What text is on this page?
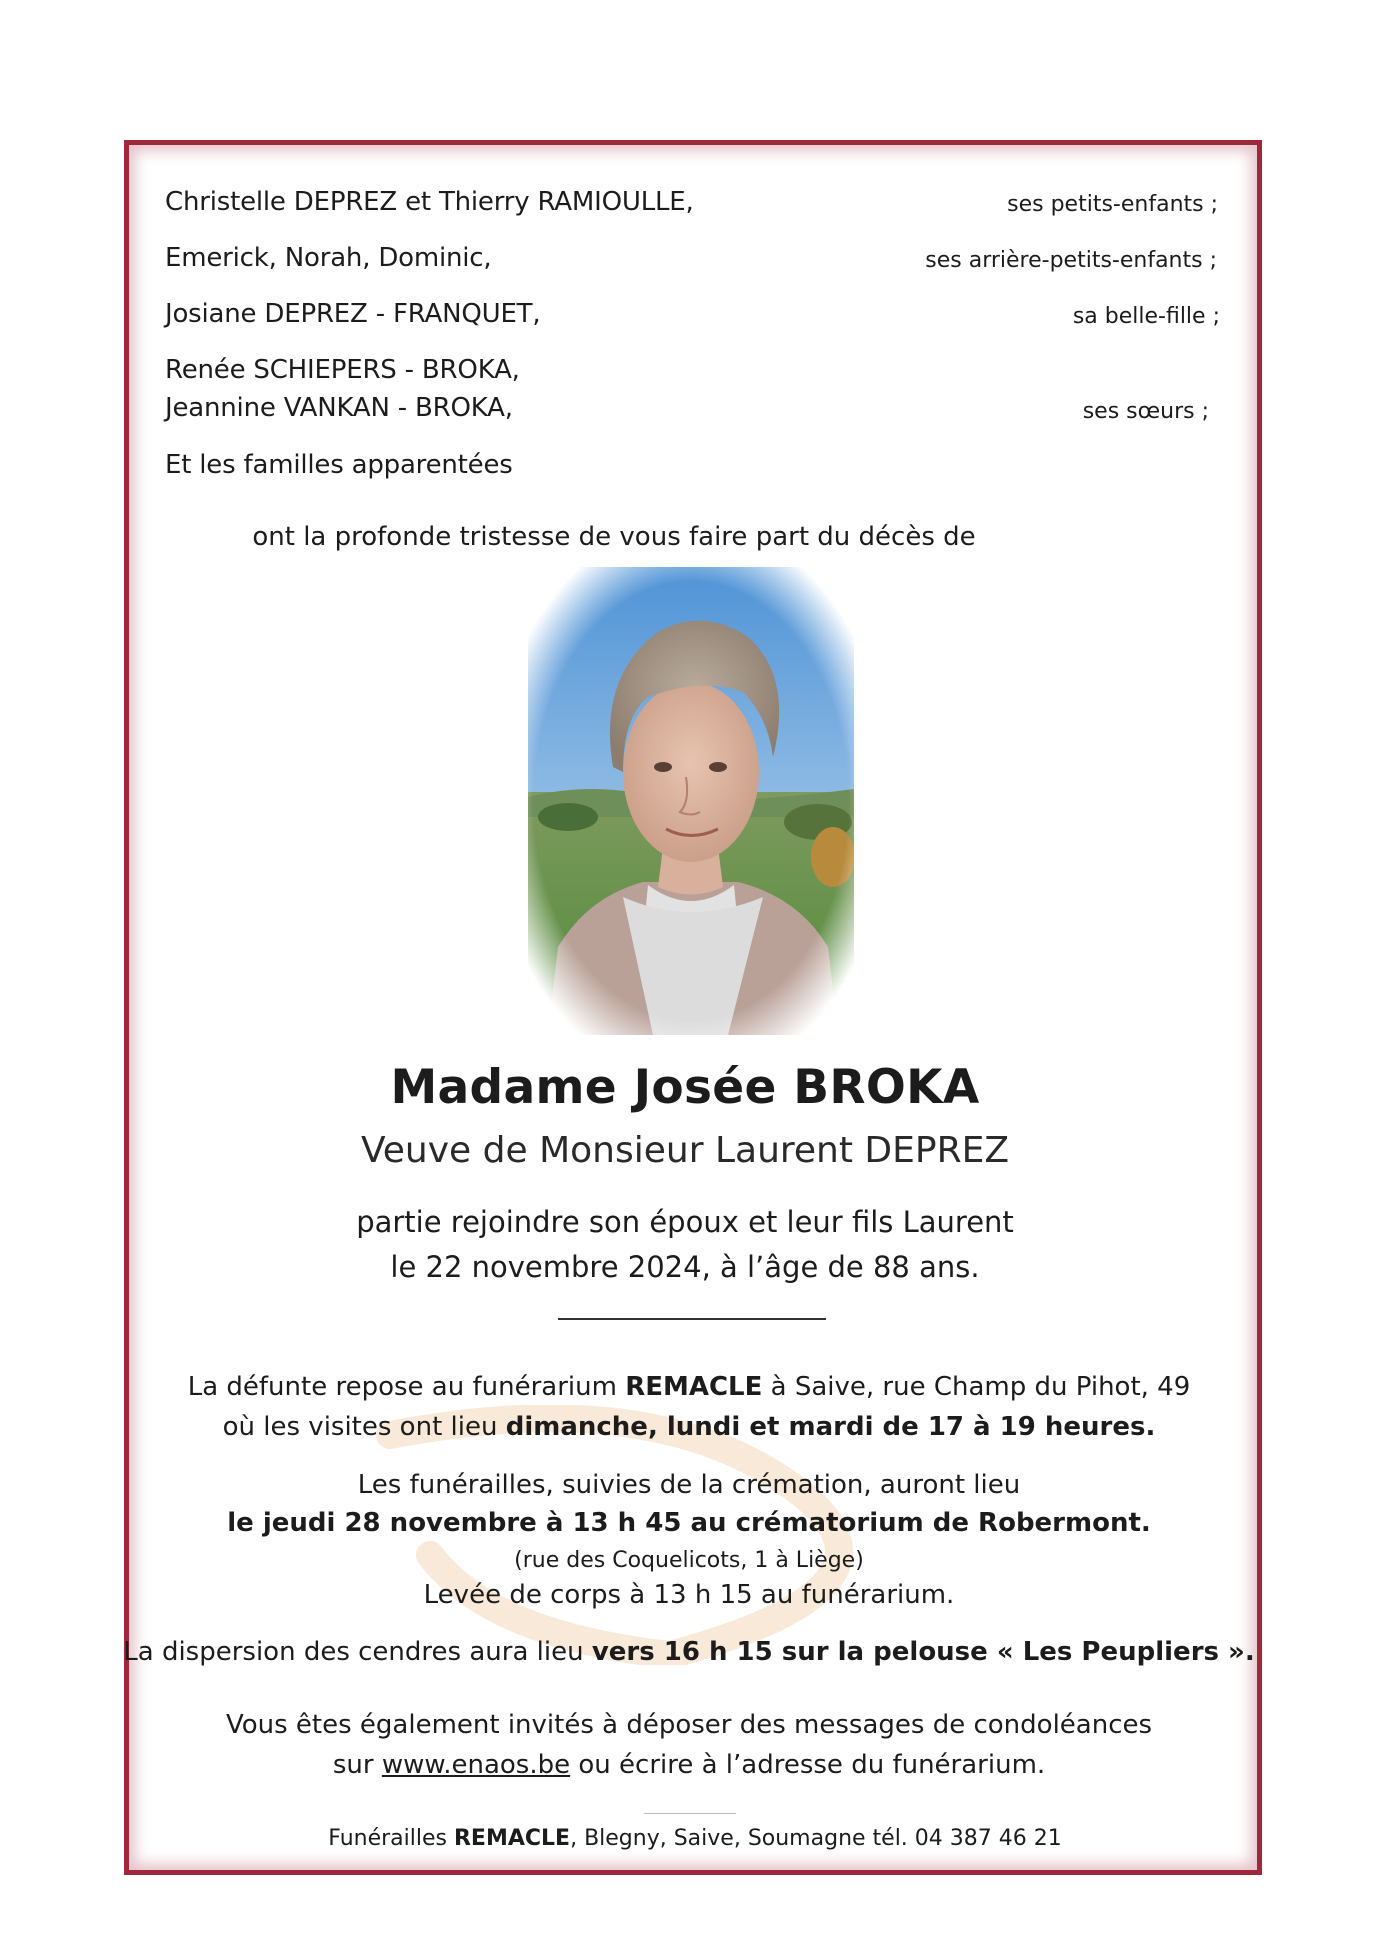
Christelle DEPREZ et Thierry RAMIOULLE,	ses petits-enfants ;
Emerick, Norah, Dominic,	ses arrière-petits-enfants ;
Josiane DEPREZ - FRANQUET,	sa belle-fille ;
Renée SCHIEPERS - BROKA,
Jeannine VANKAN - BROKA,	ses sœurs ;
Et les familles apparentées
ont la profonde tristesse de vous faire part du décès de
Madame Josée BROKA
Veuve de Monsieur Laurent DEPREZ
partie rejoindre son époux et leur fils Laurent
le 22 novembre 2024, à l’âge de 88 ans.
La défunte repose au funérarium REMACLE à Saive, rue Champ du Pihot, 49
où les visites ont lieu dimanche, lundi et mardi de 17 à 19 heures.
Les funérailles, suivies de la crémation, auront lieu
le jeudi 28 novembre à 13 h 45 au crématorium de Robermont.
(rue des Coquelicots, 1 à Liège)
Levée de corps à 13 h 15 au funérarium.
La dispersion des cendres aura lieu vers 16 h 15 sur la pelouse « Les Peupliers ».
Vous êtes également invités à déposer des messages de condoléances
sur www.enaos.be ou écrire à l’adresse du funérarium.
Funérailles REMACLE, Blegny, Saive, Soumagne tél. 04 387 46 21
